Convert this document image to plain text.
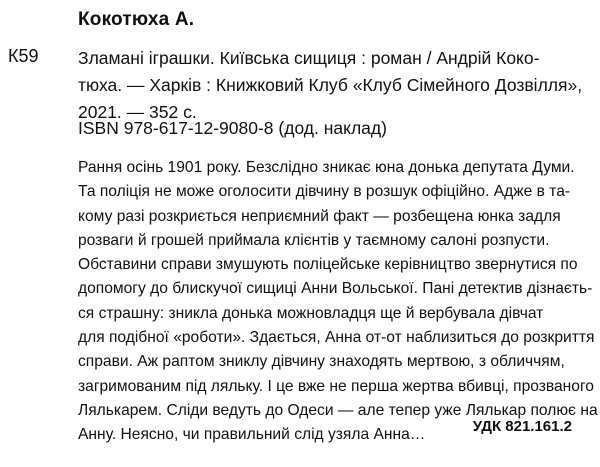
Кокотюха А.
К59 Зламані іграшки. Київська сищиця : роман / Андрій Коко-
тюха. — Харків : Книжковий Клуб «Клуб Сімейного Дозвілля»,
2021. — 352 с.
ISBN 978-617-12-9080-8 (дод. наклад)
Рання осінь 1901 року. Безслідно зникає юна донька депутата Думи.
Та поліція не може оголосити дівчину в розшук офіційно. Адже в та-
кому разі розкриється неприємний факт — розбещена юнка задля
розваги й грошей приймала клієнтів у таємному салоні розпусти.
Обставини справи змушують поліцейське керівництво звернутися по
допомогу до блискучої сищиці Анни Вольської. Пані детектив дізнаєть-
ся страшну: зникла донька можновладця ще й вербувала дівчат
для подібної «роботи». Здається, Анна от-от наблизиться до розкриття
справи. Аж раптом зниклу дівчину знаходять мертвою, з обличчям,
загримованим під ляльку. І це вже не перша жертва вбивці, прозваного
Лялькарем. Сліди ведуть до Одеси — але тепер уже Лялькар полює на
Анну. Неясно, чи правильний слід узяла Анна…	УДК 821.161.2
